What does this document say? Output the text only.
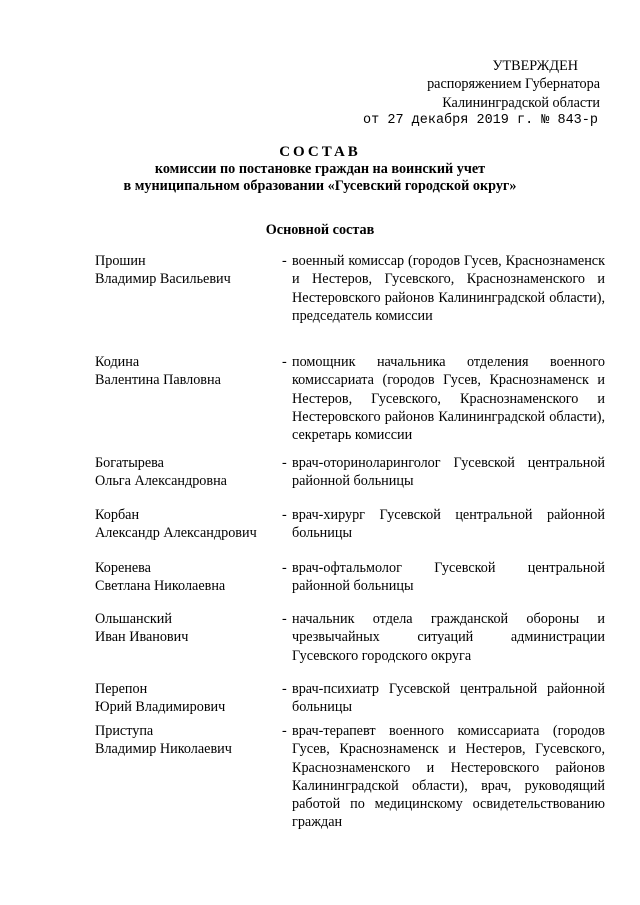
УТВЕРЖДЕН
распоряжением Губернатора
Калининградской области
от 27 декабря 2019 г. № 843-р
СОСТАВ
комиссии по постановке граждан на воинский учет
в муниципальном образовании «Гусевский городской округ»
Основной состав
Прошин
Владимир Васильевич
- военный комиссар (городов Гусев, Краснознаменск и Нестеров, Гусевского, Краснознаменского и Нестеровского районов Калининградской области), председатель комиссии
Кодина
Валентина Павловна
- помощник начальника отделения военного комиссариата (городов Гусев, Краснознаменск и Нестеров, Гусевского, Краснознаменского и Нестеровского районов Калининградской области), секретарь комиссии
Богатырева
Ольга Александровна
- врач-оториноларинголог Гусевской центральной районной больницы
Корбан
Александр Александрович
- врач-хирург Гусевской центральной районной больницы
Коренева
Светлана Николаевна
- врач-офтальмолог Гусевской центральной районной больницы
Ольшанский
Иван Иванович
- начальник отдела гражданской обороны и чрезвычайных ситуаций администрации Гусевского городского округа
Перепон
Юрий Владимирович
- врач-психиатр Гусевской центральной районной больницы
Приступа
Владимир Николаевич
- врач-терапевт военного комиссариата (городов Гусев, Краснознаменск и Нестеров, Гусевского, Краснознаменского и Нестеровского районов Калининградской области), врач, руководящий работой по медицинскому освидетельствованию граждан
